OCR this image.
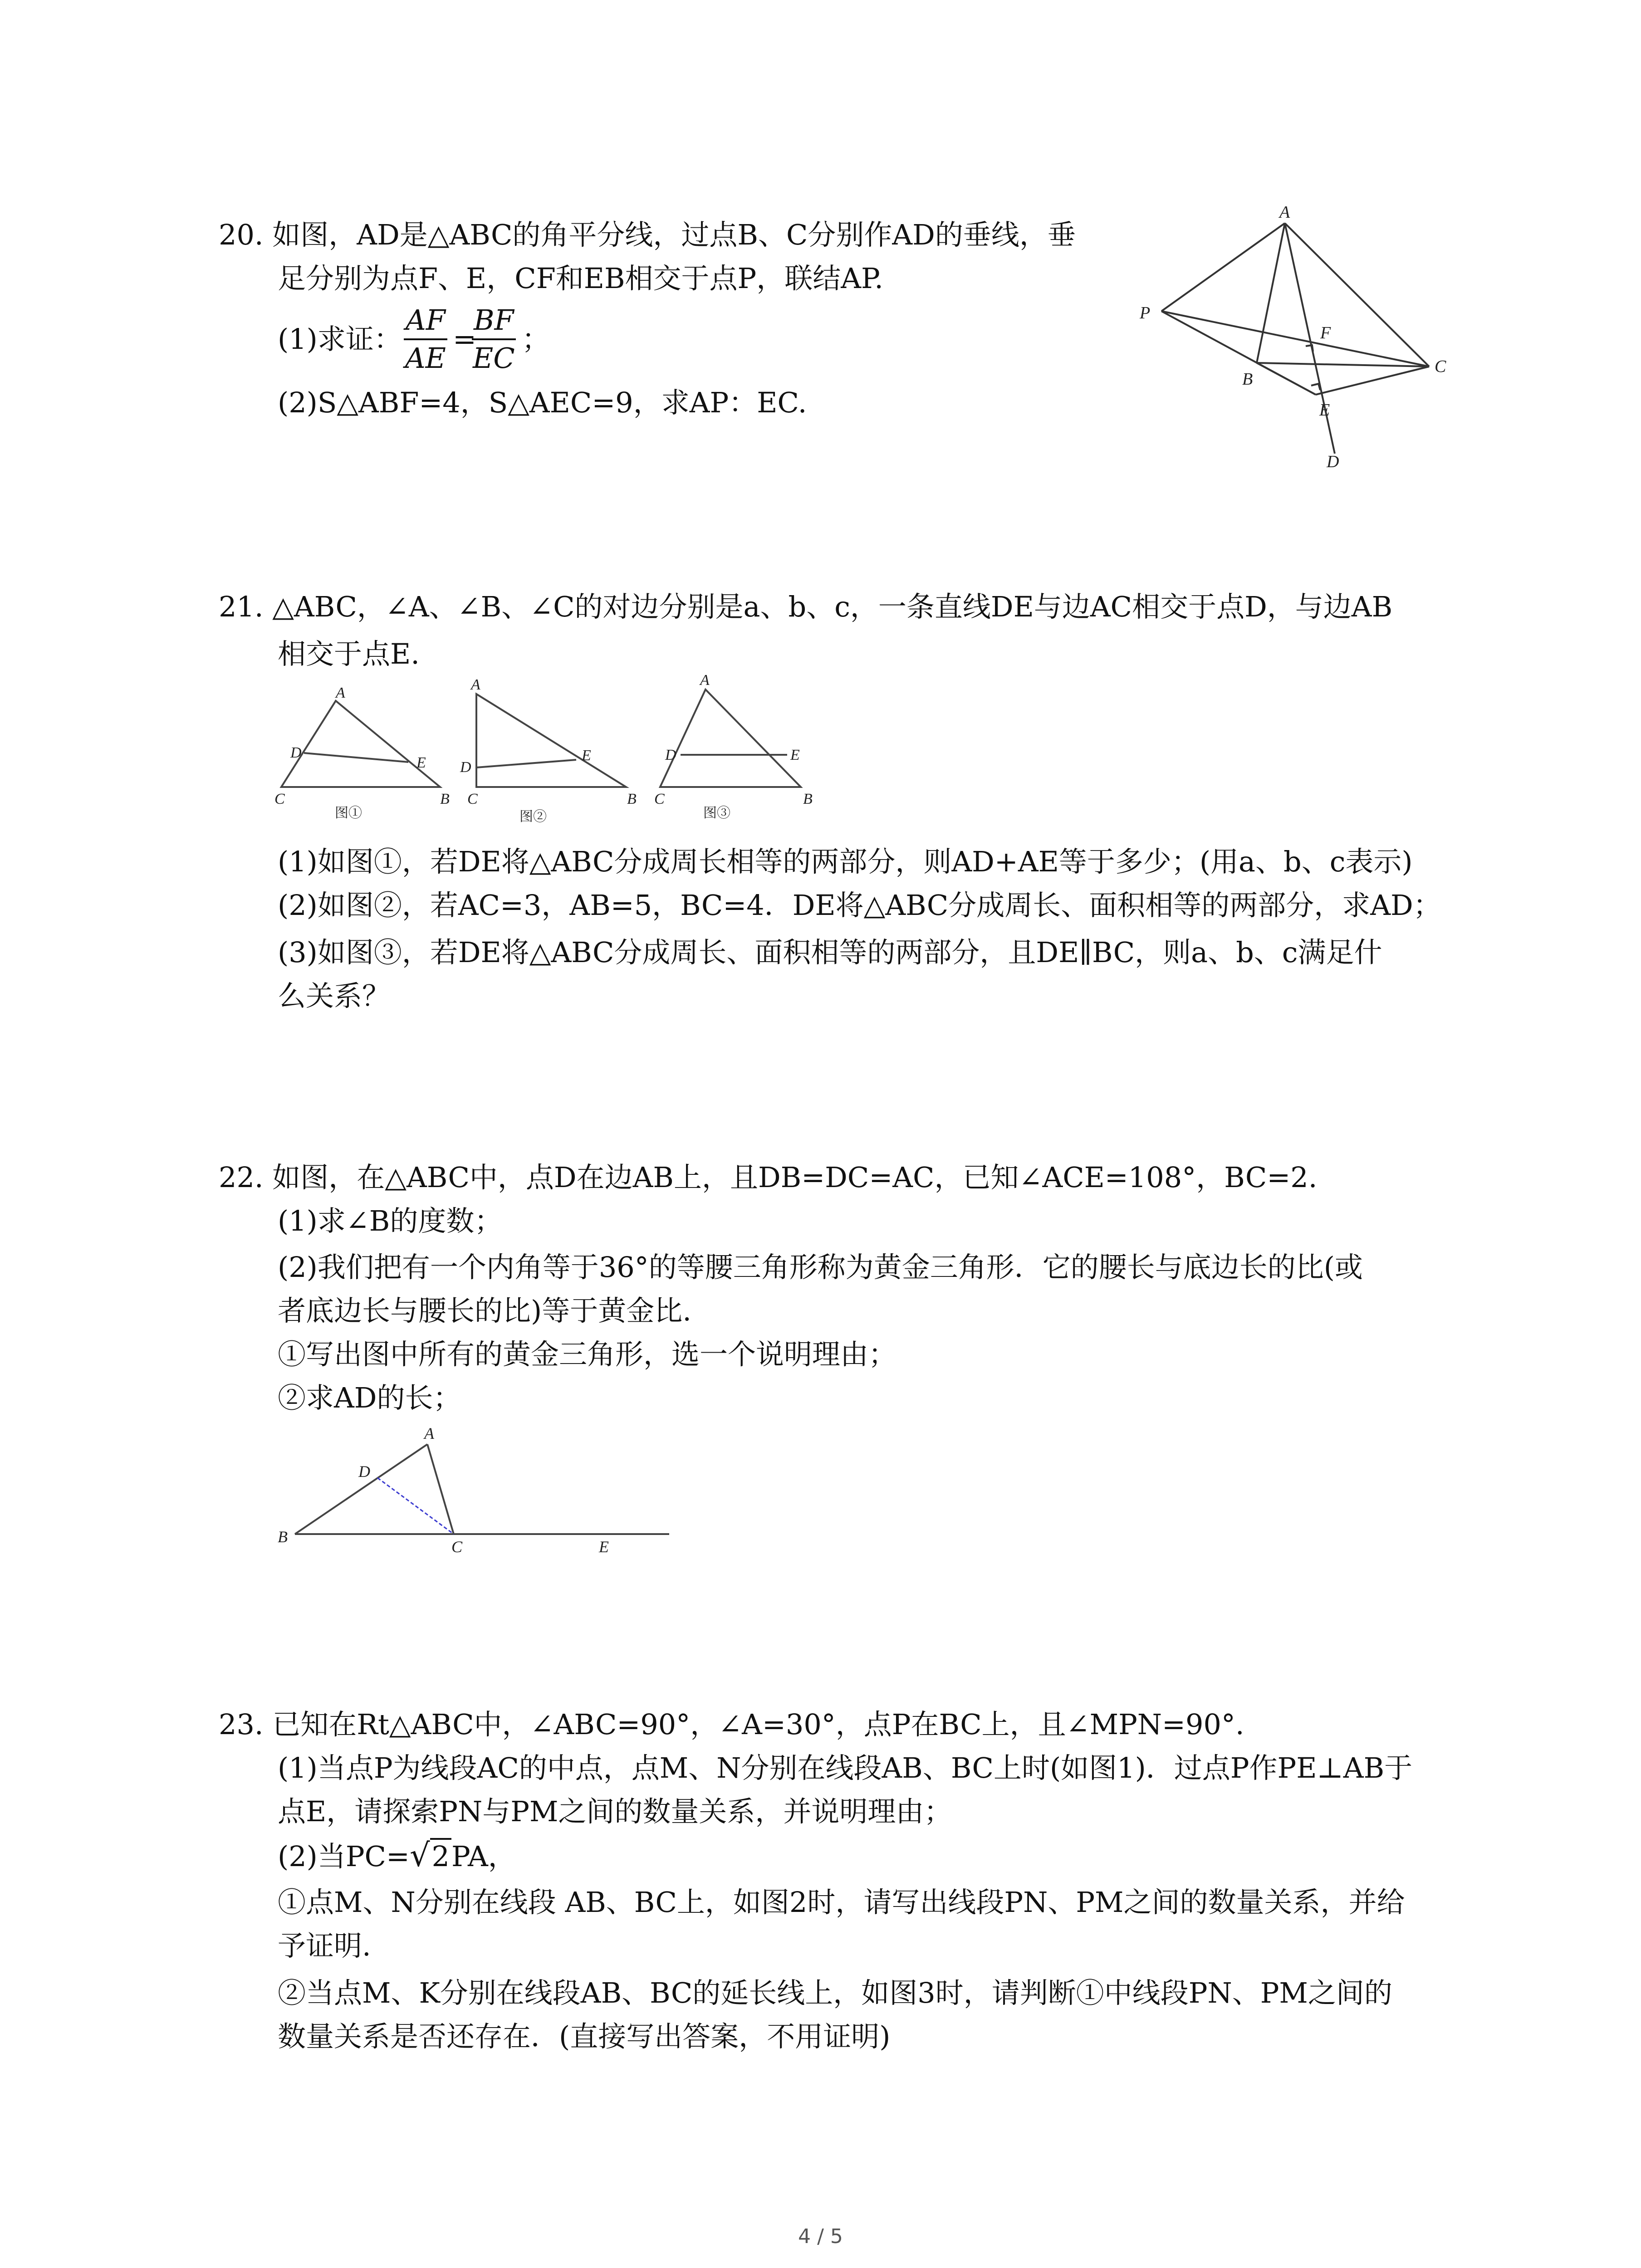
20. 如图，AD是△ABC的角平分线，过点B、C分别作AD的垂线，垂

足分别为点F、E，CF和EB相交于点P，联结AP.

(1)求证： $\frac{AF}{AE}$ =

$\frac{BF}{EC}$ ；

(2)S△ABF=4，S△AEC=9，求AP：EC.

A
P
F
B
C
E
D

21. △ABC，∠A、∠B、∠C的对边分别是a、b、c，一条直线DE与边AC相交于点D，与边AB

相交于点E.

A
D
E
C	B
图①
A
D
E
C	B
图②
A
D	E
C	B
图③

(1)如图①，若DE将△ABC分成周长相等的两部分，则AD+AE等于多少；(用a、b、c表示)

(2)如图②，若AC=3，AB=5，BC=4．DE将△ABC分成周长、面积相等的两部分，求AD；

(3)如图③，若DE将△ABC分成周长、面积相等的两部分，且DE∥BC，则a、b、c满足什

么关系？

22. 如图，在△ABC中，点D在边AB上，且DB=DC=AC，已知∠ACE=108°，BC=2.

(1)求∠B的度数；

(2)我们把有一个内角等于36°的等腰三角形称为黄金三角形．它的腰长与底边长的比(或

者底边长与腰长的比)等于黄金比.

①写出图中所有的黄金三角形，选一个说明理由；

②求AD的长；

A
D
B
C	E

23. 已知在Rt△ABC中，∠ABC=90°，∠A=30°，点P在BC上，且∠MPN=90°.

(1)当点P为线段AC的中点，点M、N分别在线段AB、BC上时(如图1)．过点P作PE⊥AB于

点E，请探索PN与PM之间的数量关系，并说明理由；

(2)当PC=√2PA，

①点M、N分别在线段 AB、BC上，如图2时，请写出线段PN、PM之间的数量关系，并给

予证明.

②当点M、K分别在线段AB、BC的延长线上，如图3时，请判断①中线段PN、PM之间的

数量关系是否还存在．(直接写出答案，不用证明)

4 / 5
